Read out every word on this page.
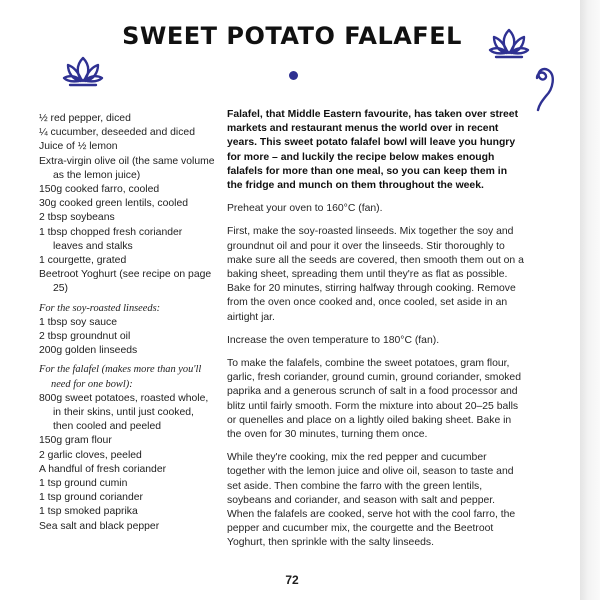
SWEET POTATO FALAFEL
½ red pepper, diced
¼ cucumber, deseeded and diced
Juice of ½ lemon
Extra-virgin olive oil (the same volume as the lemon juice)
150g cooked farro, cooled
30g cooked green lentils, cooled
2 tbsp soybeans
1 tbsp chopped fresh coriander leaves and stalks
1 courgette, grated
Beetroot Yoghurt (see recipe on page 25)
For the soy-roasted linseeds:
1 tbsp soy sauce
2 tbsp groundnut oil
200g golden linseeds
For the falafel (makes more than you'll need for one bowl):
800g sweet potatoes, roasted whole, in their skins, until just cooked, then cooled and peeled
150g gram flour
2 garlic cloves, peeled
A handful of fresh coriander
1 tsp ground cumin
1 tsp ground coriander
1 tsp smoked paprika
Sea salt and black pepper

Falafel, that Middle Eastern favourite, has taken over street markets and restaurant menus the world over in recent years. This sweet potato falafel bowl will leave you hungry for more – and luckily the recipe below makes enough falafels for more than one meal, so you can keep them in the fridge and munch on them throughout the week.

Preheat your oven to 160°C (fan).

First, make the soy-roasted linseeds. Mix together the soy and groundnut oil and pour it over the linseeds. Stir thoroughly to make sure all the seeds are covered, then smooth them out on a baking sheet, spreading them until they're as flat as possible. Bake for 20 minutes, stirring halfway through cooking. Remove from the oven once cooked and, once cooled, set aside in an airtight jar.

Increase the oven temperature to 180°C (fan).

To make the falafels, combine the sweet potatoes, gram flour, garlic, fresh coriander, ground cumin, ground coriander, smoked paprika and a generous scrunch of salt in a food processor and blitz until fairly smooth. Form the mixture into about 20–25 balls or quenelles and place on a lightly oiled baking sheet. Bake in the oven for 30 minutes, turning them once.

While they're cooking, mix the red pepper and cucumber together with the lemon juice and olive oil, season to taste and set aside. Then combine the farro with the green lentils, soybeans and coriander, and season with salt and pepper. When the falafels are cooked, serve hot with the cool farro, the pepper and cucumber mix, the courgette and the Beetroot Yoghurt, then sprinkle with the salty linseeds.

72
